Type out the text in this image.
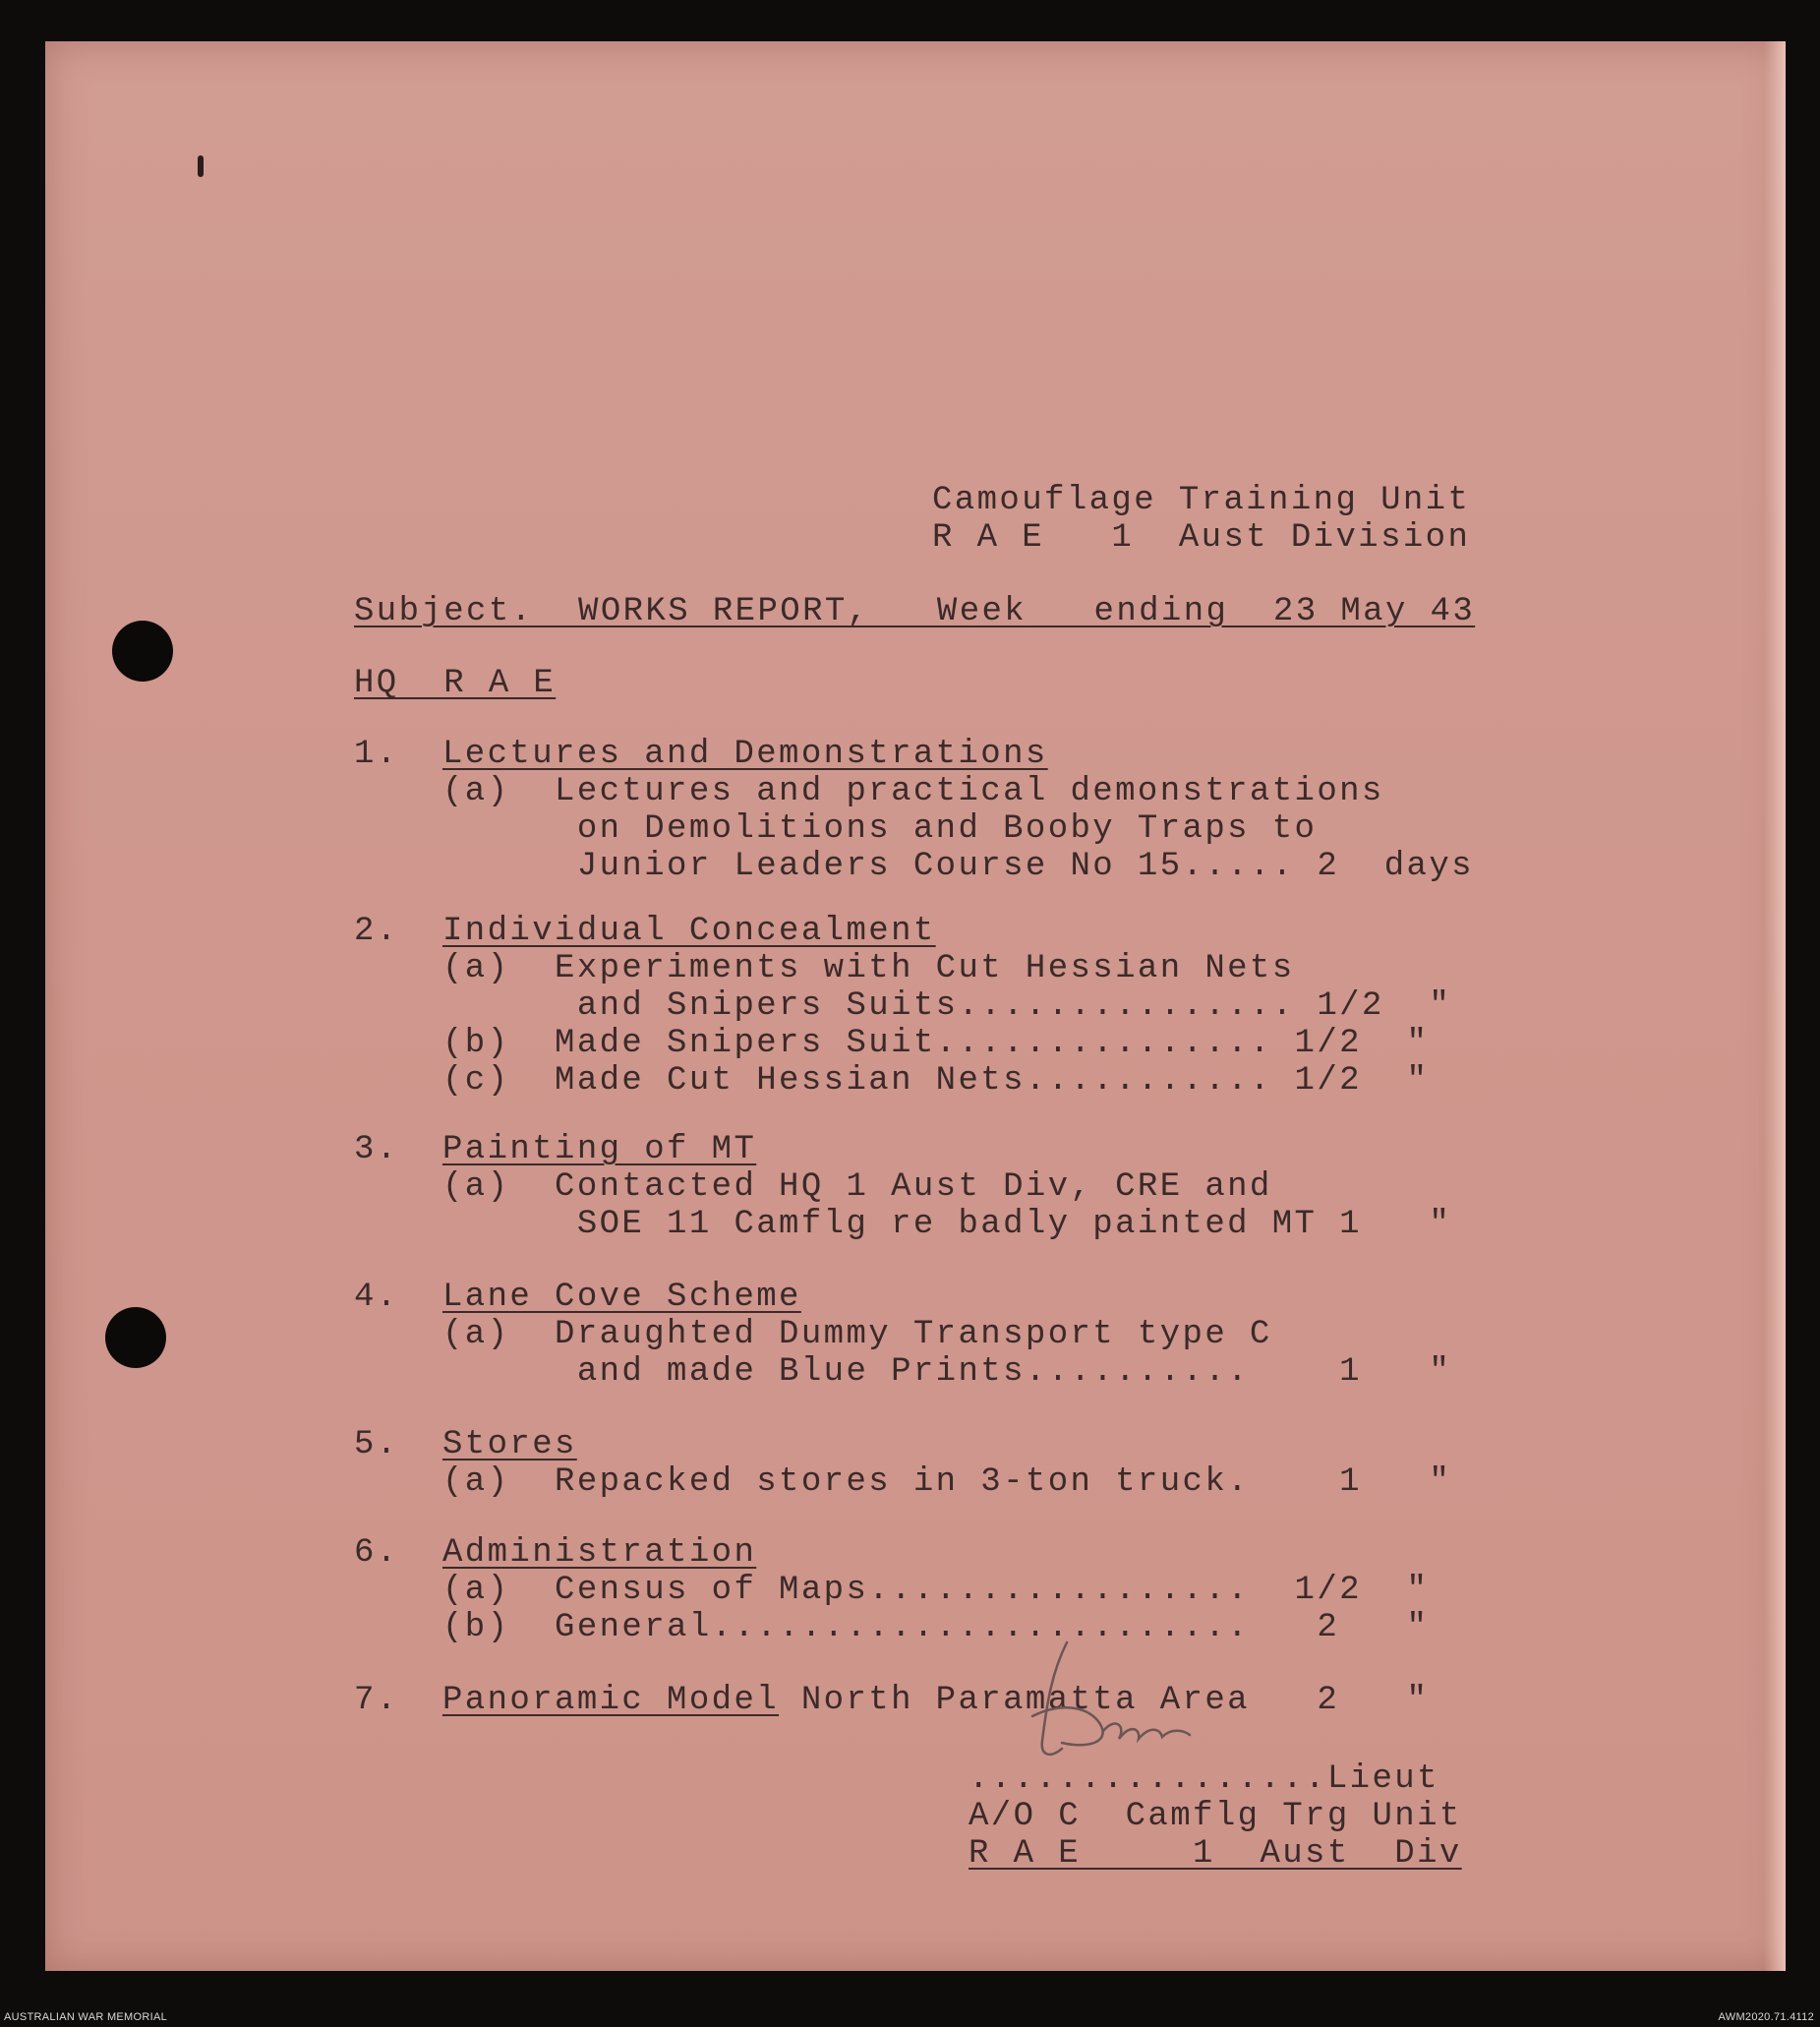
Camouflage Training Unit
R A E   1  Aust Division
Subject.  WORKS REPORT,   Week   ending  23 May 43
HQ  R A E
1. Lectures and Demonstrations
(a)  Lectures and practical demonstrations
on Demolitions and Booby Traps to
Junior Leaders Course No 15..... 2  days
2. Individual Concealment
(a)  Experiments with Cut Hessian Nets
and Snipers Suits............... 1/2  "
(b)  Made Snipers Suit............... 1/2  "
(c)  Made Cut Hessian Nets........... 1/2  "
3. Painting of MT
(a)  Contacted HQ 1 Aust Div, CRE and
SOE 11 Camflg re badly painted MT 1   "
4. Lane Cove Scheme
(a)  Draughted Dummy Transport type C
and made Blue Prints..........    1   "
5. Stores
(a)  Repacked stores in 3-ton truck.    1   "
6. Administration
(a)  Census of Maps.................  1/2  "
(b)  General........................   2   "
7. Panoramic Model North Paramatta Area   2   "
................Lieut
A/O C  Camflg Trg Unit
R A E     1  Aust  Div
AUSTRALIAN WAR MEMORIAL	AWM2020.71.4112
